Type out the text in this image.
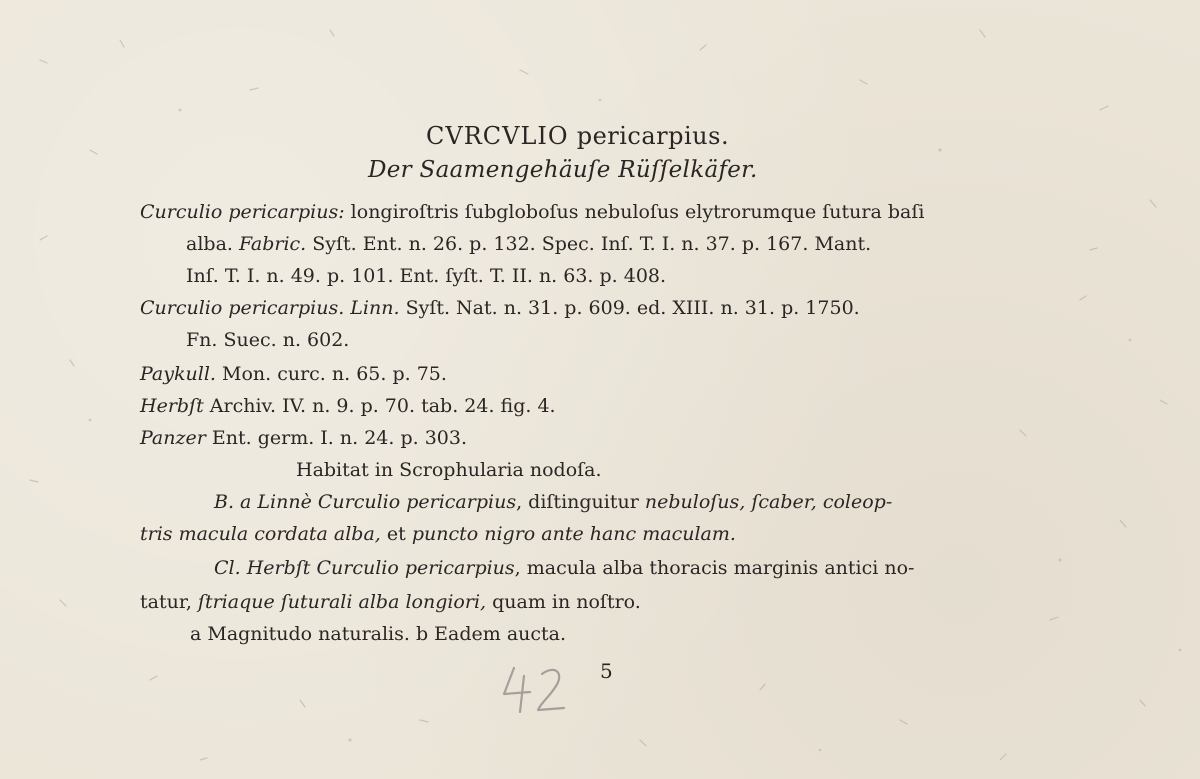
CVRCVLIO pericarpius.
Der Saamengehäuſe Rüſſelkäfer.
Curculio pericarpius: longiroſtris ſubgloboſus nebuloſus elytrorumque ſutura baſi
alba. Fabric. Syſt. Ent. n. 26. p. 132. Spec. Inſ. T. I. n. 37. p. 167. Mant.
Inſ. T. I. n. 49. p. 101. Ent. ſyſt. T. II. n. 63. p. 408.
Curculio pericarpius. Linn. Syſt. Nat. n. 31. p. 609. ed. XIII. n. 31. p. 1750.
Fn. Suec. n. 602.
Paykull. Mon. curc. n. 65. p. 75.
Herbſt Archiv. IV. n. 9. p. 70. tab. 24. fig. 4.
Panzer Ent. germ. I. n. 24. p. 303.
Habitat in Scrophularia nodoſa.
B. a Linnè Curculio pericarpius, diſtinguitur nebuloſus, ſcaber, coleop-
tris macula cordata alba, et puncto nigro ante hanc maculam.
Cl. Herbſt Curculio pericarpius, macula alba thoracis marginis antici no-
tatur, ſtriaque ſuturali alba longiori, quam in noſtro.
a Magnitudo naturalis. b Eadem aucta.
5
